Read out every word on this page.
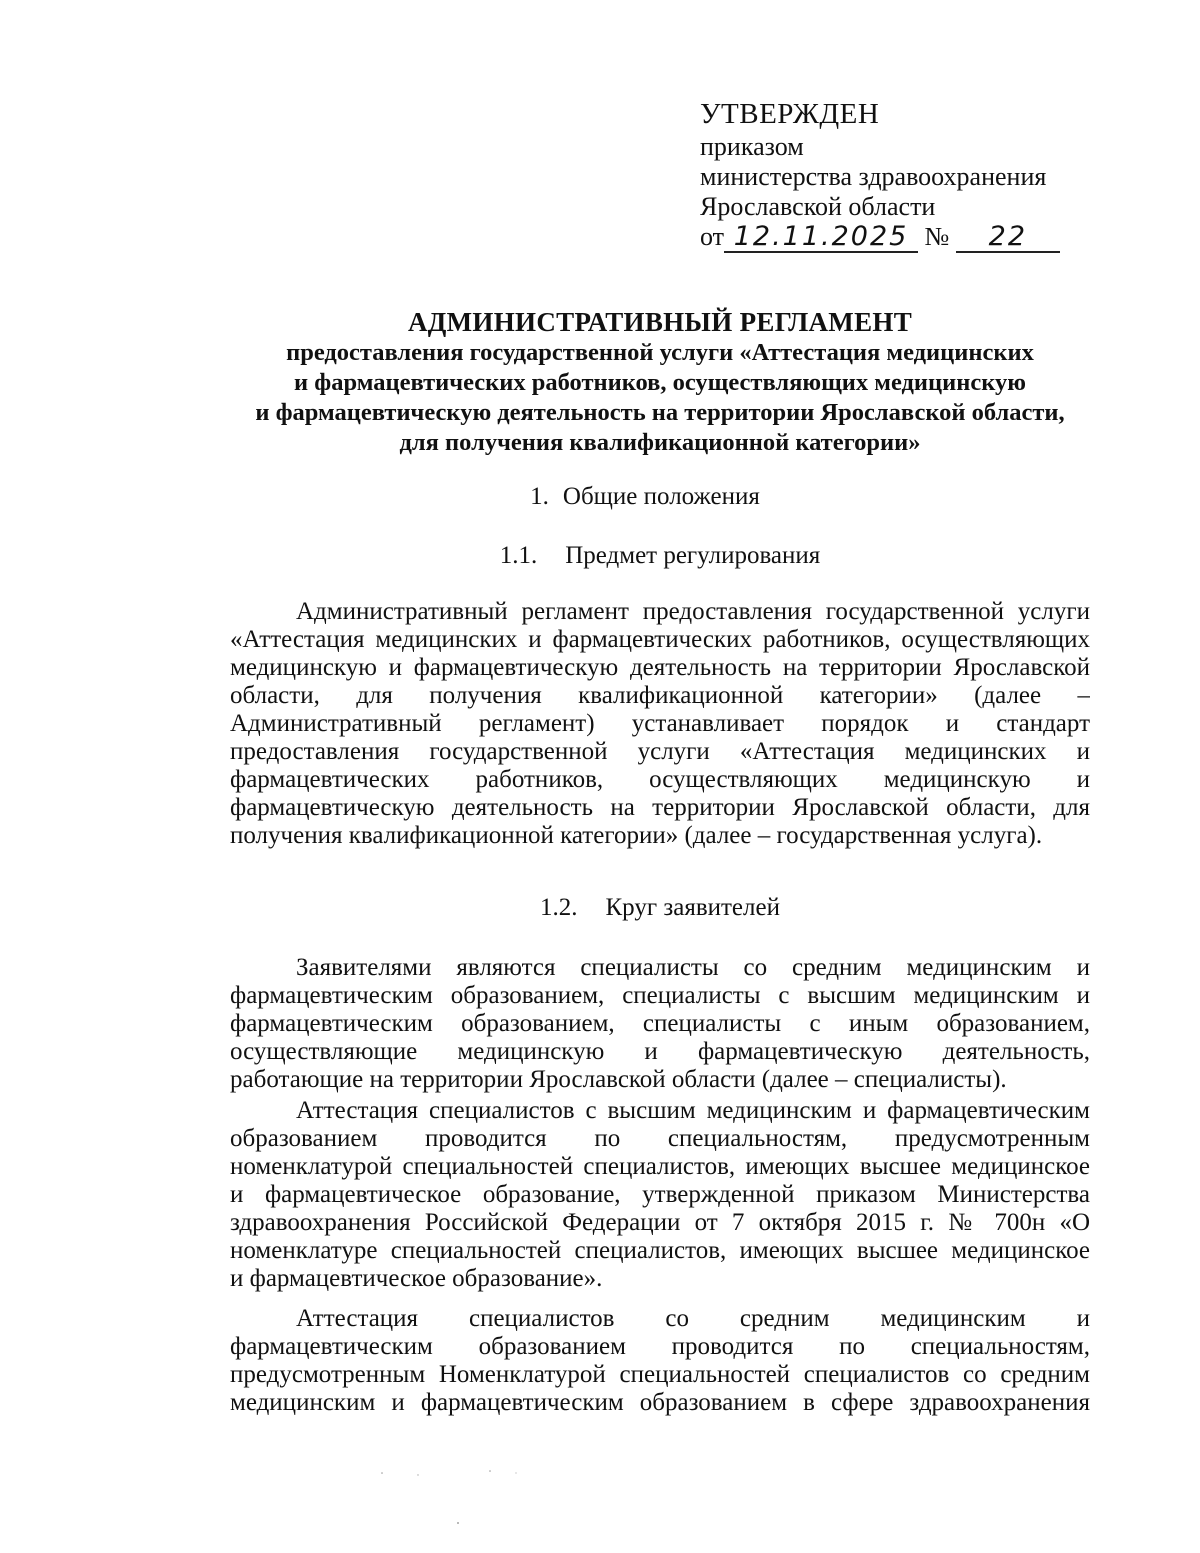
УТВЕРЖДЕН
приказом
министерства здравоохранения
Ярославской области
от 12.11.2025 № 22
АДМИНИСТРАТИВНЫЙ РЕГЛАМЕНТ
предоставления государственной услуги «Аттестация медицинских
и фармацевтических работников, осуществляющих медицинскую
и фармацевтическую деятельность на территории Ярославской области,
для получения квалификационной категории»
1. Общие положения
1.1. Предмет регулирования
Административный регламент предоставления государственной услуги
«Аттестация медицинских и фармацевтических работников, осуществляющих
медицинскую и фармацевтическую деятельность на территории Ярославской
области, для получения квалификационной категории» (далее –
Административный регламент) устанавливает порядок и стандарт
предоставления государственной услуги «Аттестация медицинских и
фармацевтических работников, осуществляющих медицинскую и
фармацевтическую деятельность на территории Ярославской области, для
получения квалификационной категории» (далее – государственная услуга).
1.2. Круг заявителей
Заявителями являются специалисты со средним медицинским и
фармацевтическим образованием, специалисты с высшим медицинским и
фармацевтическим образованием, специалисты с иным образованием,
осуществляющие медицинскую и фармацевтическую деятельность,
работающие на территории Ярославской области (далее – специалисты).
Аттестация специалистов с высшим медицинским и фармацевтическим
образованием проводится по специальностям, предусмотренным
номенклатурой специальностей специалистов, имеющих высшее медицинское
и фармацевтическое образование, утвержденной приказом Министерства
здравоохранения Российской Федерации от 7 октября 2015 г. № 700н «О
номенклатуре специальностей специалистов, имеющих высшее медицинское
и фармацевтическое образование».
Аттестация специалистов со средним медицинским и
фармацевтическим образованием проводится по специальностям,
предусмотренным Номенклатурой специальностей специалистов со средним
медицинским и фармацевтическим образованием в сфере здравоохранения
